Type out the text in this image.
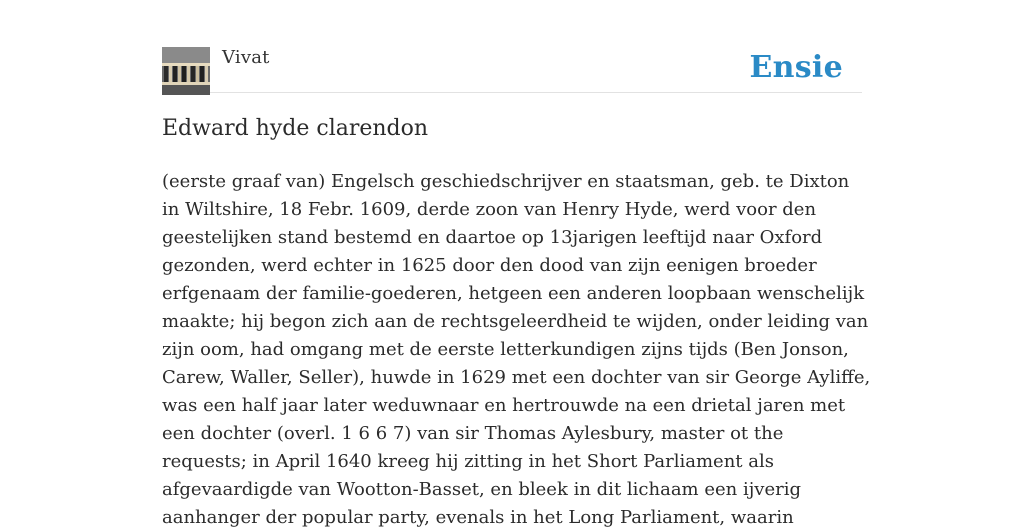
Vivat	Ensie
Edward hyde clarendon

(eerste graaf van) Engelsch geschiedschrijver en staatsman, geb. te Dixton in Wiltshire, 18 Febr. 1609, derde zoon van Henry Hyde, werd voor den geestelijken stand bestemd en daartoe op 13jarigen leeftijd naar Oxford gezonden, werd echter in 1625 door den dood van zijn eenigen broeder erfgenaam der familie-goederen, hetgeen een anderen loopbaan wenschelijk maakte; hij begon zich aan de rechtsgeleerdheid te wijden, onder leiding van zijn oom, had omgang met de eerste letterkundigen zijns tijds (Ben Jonson, Carew, Waller, Seller), huwde in 1629 met een dochter van sir George Ayliffe, was een half jaar later weduwnaar en hertrouwde na een drietal jaren met een dochter (overl. 1 6 6 7) van sir Thomas Aylesbury, master ot the requests; in April 1640 kreeg hij zitting in het Short Parliament als afgevaardigde van Wootton-Basset, en bleek in dit lichaam een ijverig aanhanger der popular party, evenals in het Long Parliament, waarin
